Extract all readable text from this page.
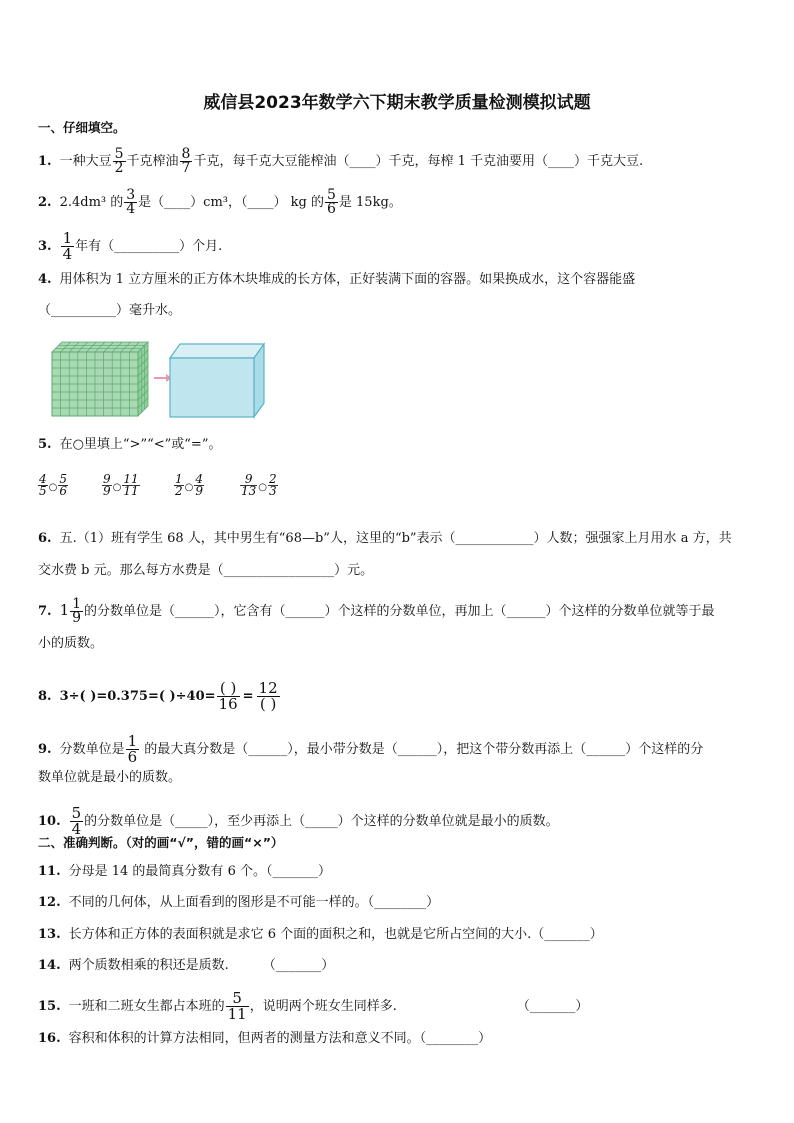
威信县2023年数学六下期末教学质量检测模拟试题
一、仔细填空。
1. 一种大豆 $\frac{5}{2}$ 千克榨油 $\frac{8}{7}$ 千克，每千克大豆能榨油（____）千克，每榨 1 千克油要用（____）千克大豆.
2. 2.4dm³ 的 $\frac{3}{4}$ 是（____）cm³，（____） kg 的 $\frac{5}{6}$ 是 15kg。
3. $\frac{1}{4}$ 年有（__________）个月.
4. 用体积为 1 立方厘米的正方体木块堆成的长方体，正好装满下面的容器。如果换成水，这个容器能盛
（__________）毫升水。
5. 在○里填上“>”“<”或“=”。
$\frac{4}{5}$ ○ $\frac{5}{6}$	$\frac{9}{9}$ ○ $\frac{11}{11}$	$\frac{1}{2}$ ○ $\frac{4}{9}$	$\frac{9}{13}$ ○ $\frac{2}{3}$
6. 五.（1）班有学生 68 人，其中男生有“68—b”人，这里的“b”表示（____________）人数；强强家上月用水 a 方，共
交水费 b 元。那么每方水费是（_________________）元。
7. $1 \frac{1}{9}$ 的分数单位是（______），它含有（______）个这样的分数单位，再加上（______）个这样的分数单位就等于最
小的质数。
8. 3÷( )=0.375=( )÷40= ( )
16 = 12
( )
9. 分数单位是 $\frac{1}{6}$ 的最大真分数是（______），最小带分数是（______），把这个带分数再添上（______）个这样的分
数单位就是最小的质数。
10. $\frac{5}{4}$ 的分数单位是（_____），至少再添上（_____）个这样的分数单位就是最小的质数。
二、准确判断。（对的画“√”，错的画“×”）
11. 分母是 14 的最简真分数有 6 个。（_______）
12. 不同的几何体，从上面看到的图形是不可能一样的。（________）
13. 长方体和正方体的表面积就是求它 6 个面的面积之和，也就是它所占空间的大小.（_______）
14. 两个质数相乘的积还是质数.	（_______）
15. 一班和二班女生都占本班的 $\frac{5}{11}$ ，说明两个班女生同样多.	（_______）
16. 容积和体积的计算方法相同，但两者的测量方法和意义不同。（________）
